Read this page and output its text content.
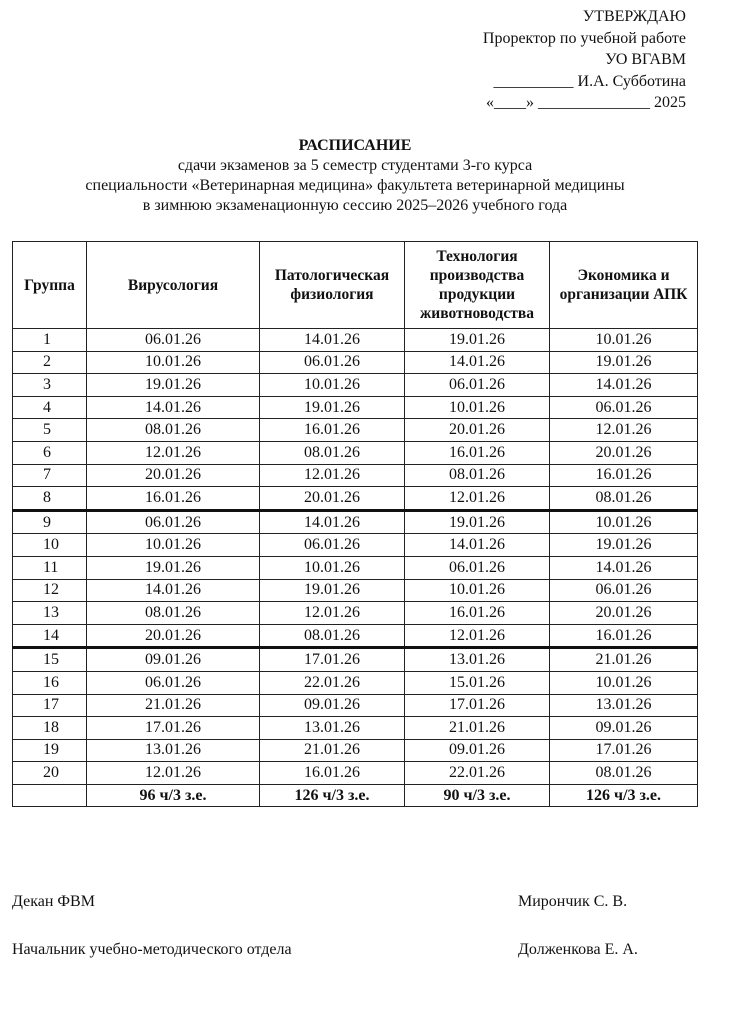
УТВЕРЖДАЮ
Проректор по учебной работе
УО ВГАВМ
__________ И.А. Субботина
«____» ______________ 2025
РАСПИСАНИЕ
сдачи экзаменов за 5 семестр студентами 3-го курса
специальности «Ветеринарная медицина» факультета ветеринарной медицины
в зимнюю экзаменационную сессию 2025–2026 учебного года
Группа	Вирусология	Патологическая физиология	Технология производства продукции животноводства	Экономика и организации АПК
1	06.01.26	14.01.26	19.01.26	10.01.26
2	10.01.26	06.01.26	14.01.26	19.01.26
3	19.01.26	10.01.26	06.01.26	14.01.26
4	14.01.26	19.01.26	10.01.26	06.01.26
5	08.01.26	16.01.26	20.01.26	12.01.26
6	12.01.26	08.01.26	16.01.26	20.01.26
7	20.01.26	12.01.26	08.01.26	16.01.26
8	16.01.26	20.01.26	12.01.26	08.01.26
9	06.01.26	14.01.26	19.01.26	10.01.26
10	10.01.26	06.01.26	14.01.26	19.01.26
11	19.01.26	10.01.26	06.01.26	14.01.26
12	14.01.26	19.01.26	10.01.26	06.01.26
13	08.01.26	12.01.26	16.01.26	20.01.26
14	20.01.26	08.01.26	12.01.26	16.01.26
15	09.01.26	17.01.26	13.01.26	21.01.26
16	06.01.26	22.01.26	15.01.26	10.01.26
17	21.01.26	09.01.26	17.01.26	13.01.26
18	17.01.26	13.01.26	21.01.26	09.01.26
19	13.01.26	21.01.26	09.01.26	17.01.26
20	12.01.26	16.01.26	22.01.26	08.01.26
	96 ч/3 з.е.	126 ч/3 з.е.	90 ч/3 з.е.	126 ч/3 з.е.
Декан ФВМ	Мирончик С. В.
Начальник учебно-методического отдела	Долженкова Е. А.
